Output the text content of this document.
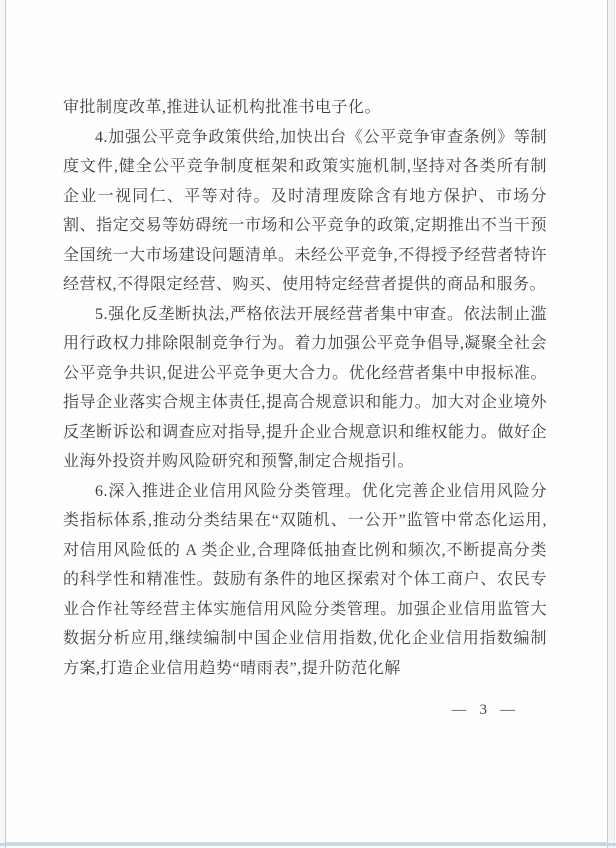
审批制度改革,推进认证机构批准书电子化。

4.加强公平竞争政策供给,加快出台《公平竞争审查条例》等制度文件,健全公平竞争制度框架和政策实施机制,坚持对各类所有制企业一视同仁、平等对待。及时清理废除含有地方保护、市场分割、指定交易等妨碍统一市场和公平竞争的政策,定期推出不当干预全国统一大市场建设问题清单。未经公平竞争,不得授予经营者特许经营权,不得限定经营、购买、使用特定经营者提供的商品和服务。

5.强化反垄断执法,严格依法开展经营者集中审查。依法制止滥用行政权力排除限制竞争行为。着力加强公平竞争倡导,凝聚全社会公平竞争共识,促进公平竞争更大合力。优化经营者集中申报标准。指导企业落实合规主体责任,提高合规意识和能力。加大对企业境外反垄断诉讼和调查应对指导,提升企业合规意识和维权能力。做好企业海外投资并购风险研究和预警,制定合规指引。

6.深入推进企业信用风险分类管理。优化完善企业信用风险分类指标体系,推动分类结果在“双随机、一公开”监管中常态化运用,对信用风险低的 A 类企业,合理降低抽查比例和频次,不断提高分类的科学性和精准性。鼓励有条件的地区探索对个体工商户、农民专业合作社等经营主体实施信用风险分类管理。加强企业信用监管大数据分析应用,继续编制中国企业信用指数,优化企业信用指数编制方案,打造企业信用趋势“晴雨表”,提升防范化解

— 3 —
